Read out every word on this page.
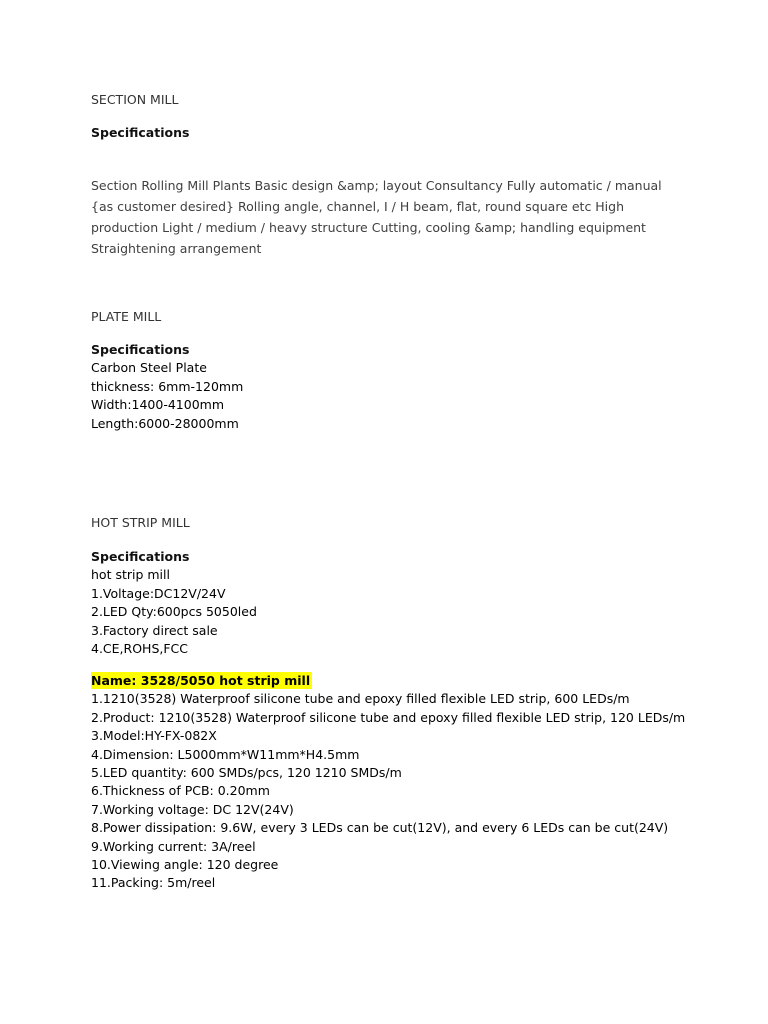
SECTION MILL
Specifications
Section Rolling Mill Plants Basic design &amp; layout Consultancy Fully automatic / manual {as customer desired} Rolling angle, channel, I / H beam, flat, round square etc High production Light / medium / heavy structure Cutting, cooling &amp; handling equipment Straightening arrangement
PLATE MILL
Specifications
Carbon Steel Plate
thickness: 6mm-120mm
Width:1400-4100mm
Length:6000-28000mm
HOT STRIP MILL
Specifications
hot strip mill
1.Voltage:DC12V/24V
2.LED Qty:600pcs 5050led
3.Factory direct sale
4.CE,ROHS,FCC
Name: 3528/5050 hot strip mill
1.1210(3528) Waterproof silicone tube and epoxy filled flexible LED strip, 600 LEDs/m
2.Product: 1210(3528) Waterproof silicone tube and epoxy filled flexible LED strip, 120 LEDs/m
3.Model:HY-FX-082X
4.Dimension: L5000mm*W11mm*H4.5mm
5.LED quantity: 600 SMDs/pcs, 120 1210 SMDs/m
6.Thickness of PCB: 0.20mm
7.Working voltage: DC 12V(24V)
8.Power dissipation: 9.6W, every 3 LEDs can be cut(12V), and every 6 LEDs can be cut(24V)
9.Working current: 3A/reel
10.Viewing angle: 120 degree
11.Packing: 5m/reel
